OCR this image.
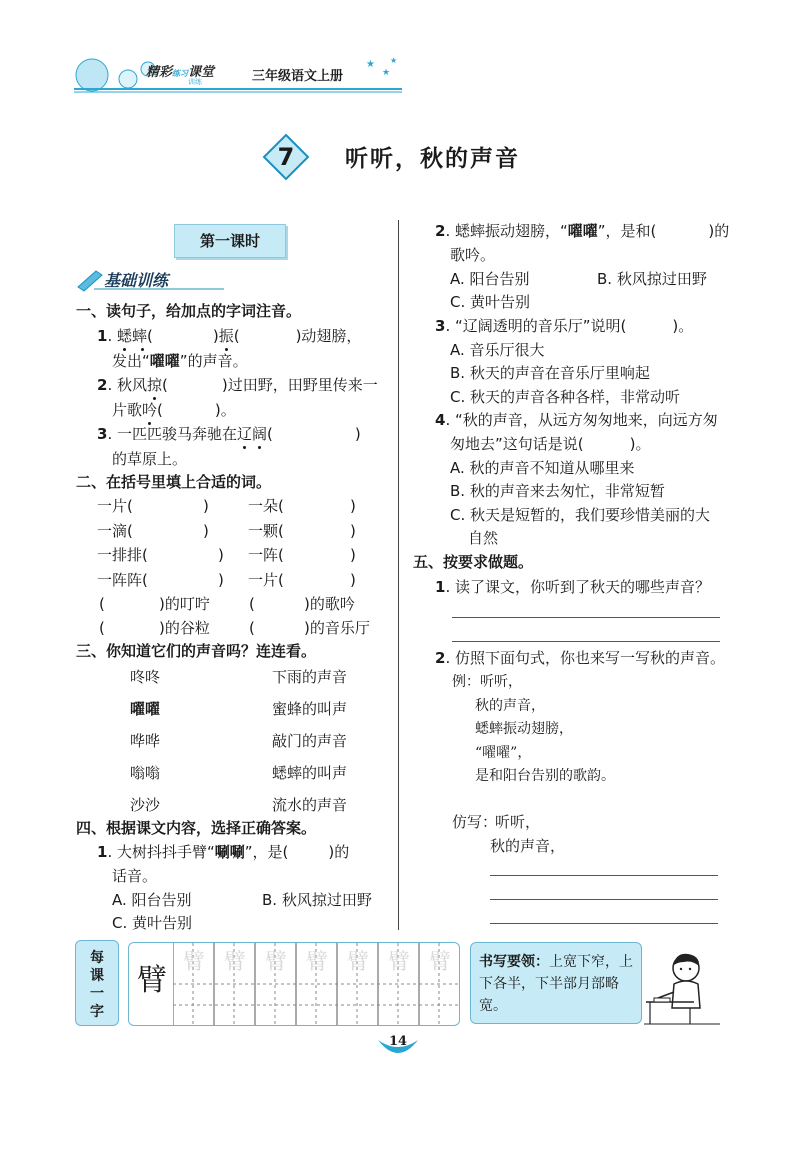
★
★
★
精彩练习课堂
训练	三年级语文上册
7	听听，秋的声音
第一课时
基础训练
一、读句子，给加点的字词注音。
1. 蟋蟀(	)振(	)动翅膀，
发出“嚁嚁”的声音。
2. 秋风掠(	)过田野，田野里传来一
片歌吟(	)。
3. 一匹匹骏马奔驰在辽阔(	)
的草原上。
二、在括号里填上合适的词。
一片(	)	一朵(	)
一滴(	)	一颗(	)
一排排(	) 一阵(	)
一阵阵(	) 一片(	)
(	)的叮咛	(	)的歌吟
(	)的谷粒	(	)的音乐厅
三、你知道它们的声音吗？连连看。
咚咚	下雨的声音
嚁嚁	蜜蜂的叫声
哗哗	敲门的声音
嗡嗡	蟋蟀的叫声
沙沙	流水的声音
四、根据课文内容，选择正确答案。
1. 大树抖抖手臂“唰唰”，是(	)的
话音。
A. 阳台告别	B. 秋风掠过田野
C. 黄叶告别
2. 蟋蟀振动翅膀，“嚁嚁”，是和(	)的
歌吟。
A. 阳台告别	B. 秋风掠过田野
C. 黄叶告别
3. “辽阔透明的音乐厅”说明(	)。
A. 音乐厅很大
B. 秋天的声音在音乐厅里响起
C. 秋天的声音各种各样，非常动听
4. “秋的声音，从远方匆匆地来，向远方匆
匆地去”这句话是说(	)。
A. 秋的声音不知道从哪里来
B. 秋的声音来去匆忙，非常短暂
C. 秋天是短暂的，我们要珍惜美丽的大
自然
五、按要求做题。
1. 读了课文，你听到了秋天的哪些声音？
2. 仿照下面句式，你也来写一写秋的声音。
例： 听听，
秋的声音，
蟋蟀振动翅膀，
“嚁嚁”，
是和阳台告别的歌韵。
仿写：
听听，
秋的声音，
每
课
一
字
臂
臂 臂 臂 臂 臂 臂 臂	书写要领：上宽下窄，上
下各半，下半部月部略
宽。
14
